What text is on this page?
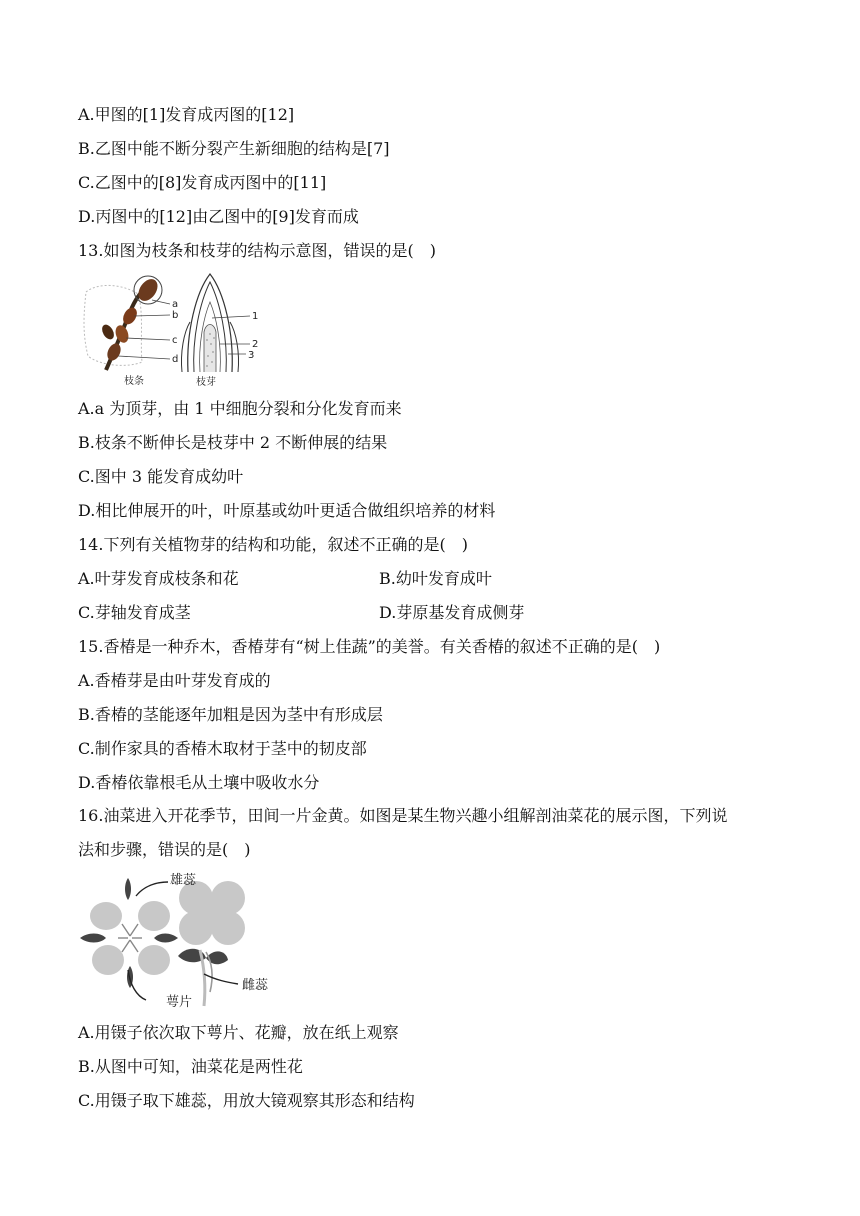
A.甲图的[1]发育成丙图的[12]
B.乙图中能不断分裂产生新细胞的结构是[7]
C.乙图中的[8]发育成丙图中的[11]
D.丙图中的[12]由乙图中的[9]发育而成
13.如图为枝条和枝芽的结构示意图，错误的是(　)
a
b
c
d
枝条
1
2
3
枝芽
A.a 为顶芽，由 1 中细胞分裂和分化发育而来
B.枝条不断伸长是枝芽中 2 不断伸展的结果
C.图中 3 能发育成幼叶
D.相比伸展开的叶，叶原基或幼叶更适合做组织培养的材料
14.下列有关植物芽的结构和功能，叙述不正确的是(　)
A.叶芽发育成枝条和花	B.幼叶发育成叶
C.芽轴发育成茎	D.芽原基发育成侧芽
15.香椿是一种乔木，香椿芽有“树上佳蔬”的美誉。有关香椿的叙述不正确的是(　)
A.香椿芽是由叶芽发育成的
B.香椿的茎能逐年加粗是因为茎中有形成层
C.制作家具的香椿木取材于茎中的韧皮部
D.香椿依靠根毛从土壤中吸收水分
16.油菜进入开花季节，田间一片金黄。如图是某生物兴趣小组解剖油菜花的展示图，下列说
法和步骤，错误的是(　)
雄蕊
雌蕊
萼片
A.用镊子依次取下萼片、花瓣，放在纸上观察
B.从图中可知，油菜花是两性花
C.用镊子取下雄蕊，用放大镜观察其形态和结构
